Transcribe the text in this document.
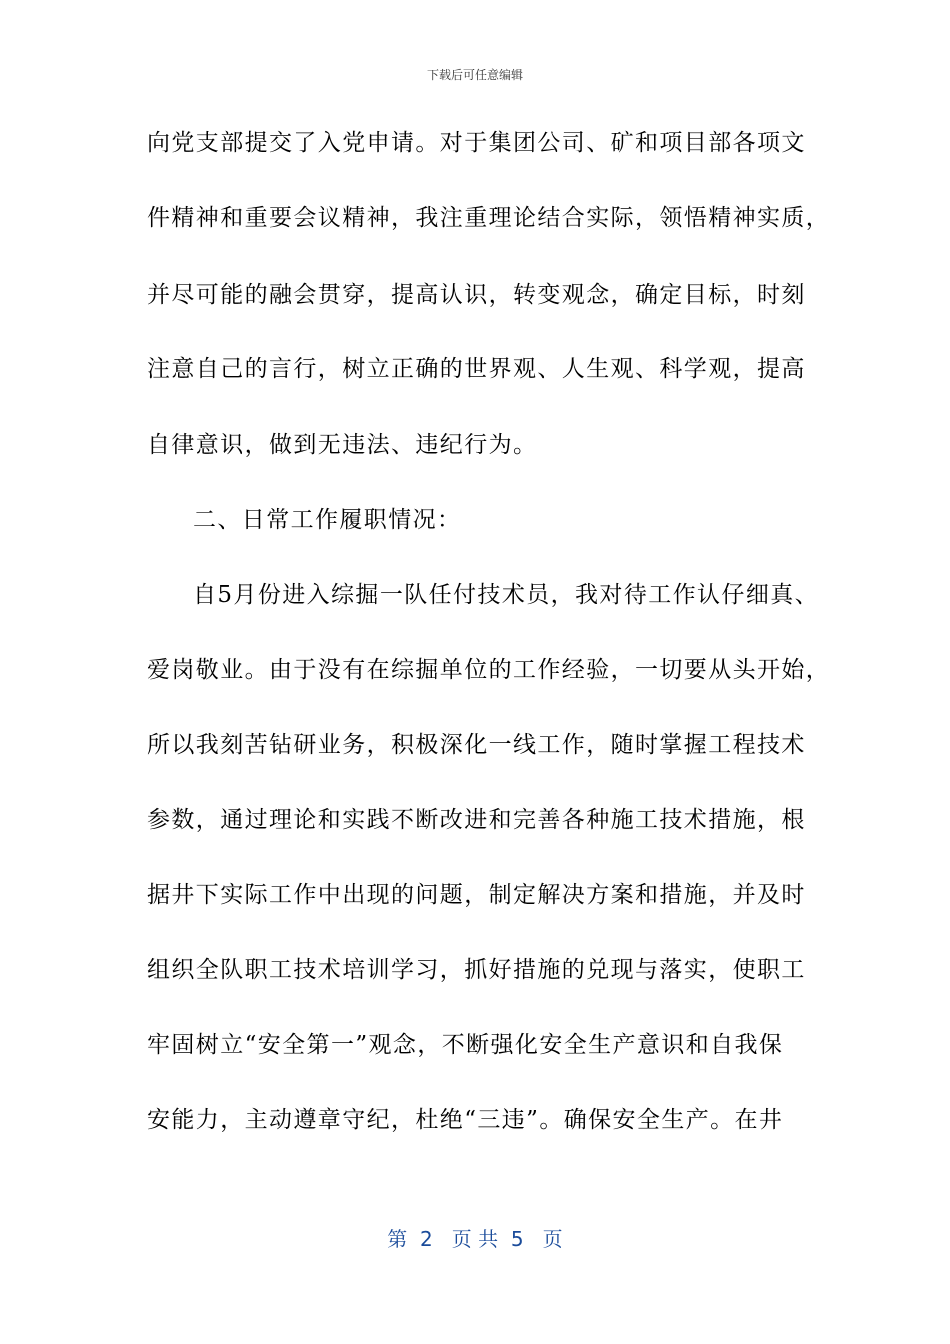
下载后可任意编辑
向党支部提交了入党申请。对于集团公司、矿和项目部各项文
件精神和重要会议精神，我注重理论结合实际，领悟精神实质，
并尽可能的融会贯穿，提高认识，转变观念，确定目标，时刻
注意自己的言行，树立正确的世界观、人生观、科学观，提高
自律意识，做到无违法、违纪行为。
二、日常工作履职情况：
自5月份进入综掘一队任付技术员，我对待工作认仔细真、
爱岗敬业。由于没有在综掘单位的工作经验，一切要从头开始，
所以我刻苦钻研业务，积极深化一线工作，随时掌握工程技术
参数，通过理论和实践不断改进和完善各种施工技术措施，根
据井下实际工作中出现的问题，制定解决方案和措施，并及时
组织全队职工技术培训学习，抓好措施的兑现与落实，使职工
牢固树立“安全第一”观念，不断强化安全生产意识和自我保
安能力，主动遵章守纪，杜绝“三违”。确保安全生产。在井
第  2   页 共  5   页
